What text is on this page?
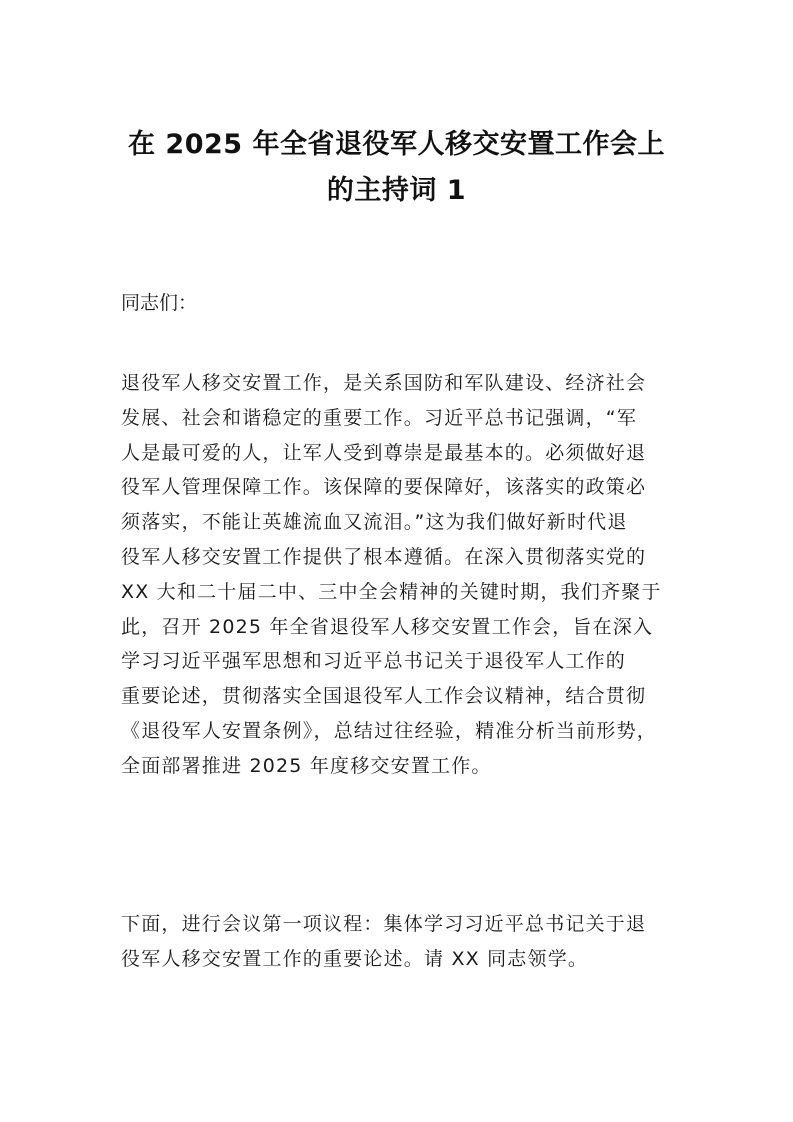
在 2025 年全省退役军人移交安置工作会上
的主持词 1
同志们：
退役军人移交安置工作，是关系国防和军队建设、经济社会
发展、社会和谐稳定的重要工作。习近平总书记强调，“军
人是最可爱的人，让军人受到尊崇是最基本的。必须做好退
役军人管理保障工作。该保障的要保障好，该落实的政策必
须落实，不能让英雄流血又流泪。”这为我们做好新时代退
役军人移交安置工作提供了根本遵循。在深入贯彻落实党的
XX 大和二十届二中、三中全会精神的关键时期，我们齐聚于
此，召开 2025 年全省退役军人移交安置工作会，旨在深入
学习习近平强军思想和习近平总书记关于退役军人工作的
重要论述，贯彻落实全国退役军人工作会议精神，结合贯彻
《退役军人安置条例》，总结过往经验，精准分析当前形势，
全面部署推进 2025 年度移交安置工作。
下面，进行会议第一项议程：集体学习习近平总书记关于退
役军人移交安置工作的重要论述。请 XX 同志领学。
